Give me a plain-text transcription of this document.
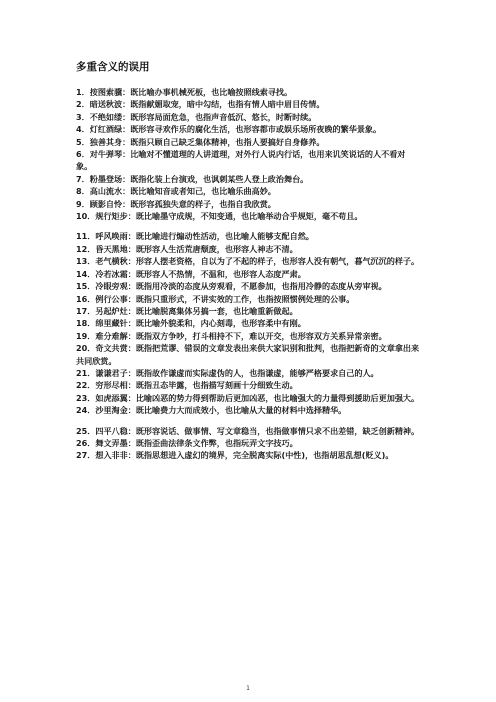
多重含义的误用

1．按图索骥：既比喻办事机械死板，也比喻按照线索寻找。

2．暗送秋波：既指献媚取宠，暗中勾结，也指有情人暗中眉目传情。

3．不绝如缕：既形容局面危急，也指声音低沉、悠长，时断时续。

4．灯红酒绿：既形容寻欢作乐的腐化生活，也形容都市或娱乐场所夜晚的繁华景象。

5．独善其身：既指只顾自己缺乏集体精神，也指人要搞好自身修养。

6．对牛弹琴：比喻对不懂道理的人讲道理，对外行人说内行话，也用来讥笑说话的人不看对象。

7．粉墨登场：既指化装上台演戏，也讽刺某些人登上政治舞台。

8．高山流水：既比喻知音或者知己，也比喻乐曲高妙。

9．顾影自怜：既形容孤独失意的样子，也指自我欣赏。

10．规行矩步：既比喻墨守成规，不知变通，也比喻举动合乎规矩，毫不苟且。

11．呼风唤雨：既比喻进行煽动性活动，也比喻人能够支配自然。

12．昏天黑地：既形容人生活荒唐颓废，也形容人神志不清。

13．老气横秋：形容人摆老资格，自以为了不起的样子，也形容人没有朝气，暮气沉沉的样子。

14．冷若冰霜：既形容人不热情，不温和，也形容人态度严肃。

15．冷眼旁观：既指用冷淡的态度从旁观看，不愿参加，也指用冷静的态度从旁审视。

16．例行公事：既指只重形式，不讲实效的工作，也指按照惯例处理的公事。

17．另起炉灶：既比喻脱离集体另搞一套，也比喻重新做起。

18．绵里藏针：既比喻外貌柔和，内心刻毒，也形容柔中有刚。

19．难分难解：既指双方争吵，打斗相持不下，难以开交，也形容双方关系异常亲密。

20．奇文共赏：既指把荒谬、错误的文章发表出来供大家识别和批判，也指把新奇的文章拿出来共同欣赏。

21．谦谦君子：既指故作谦虚而实际虚伪的人，也指谦虚，能够严格要求自己的人。

22．穷形尽相：既指丑态毕露，也指描写刻画十分细致生动。

23．如虎添翼：比喻凶恶的势力得到帮助后更加凶恶，也比喻强大的力量得到援助后更加强大。

24．沙里淘金：既比喻费力大而成效小，也比喻从大量的材料中选择精华。

25．四平八稳：既形容说话、做事情、写文章稳当，也指做事情只求不出差错，缺乏创新精神。

26．舞文弄墨：既指歪曲法律条文作弊，也指玩弄文字技巧。

27．想入非非：既指思想进入虚幻的境界，完全脱离实际(中性)，也指胡思乱想(贬义)。

1
